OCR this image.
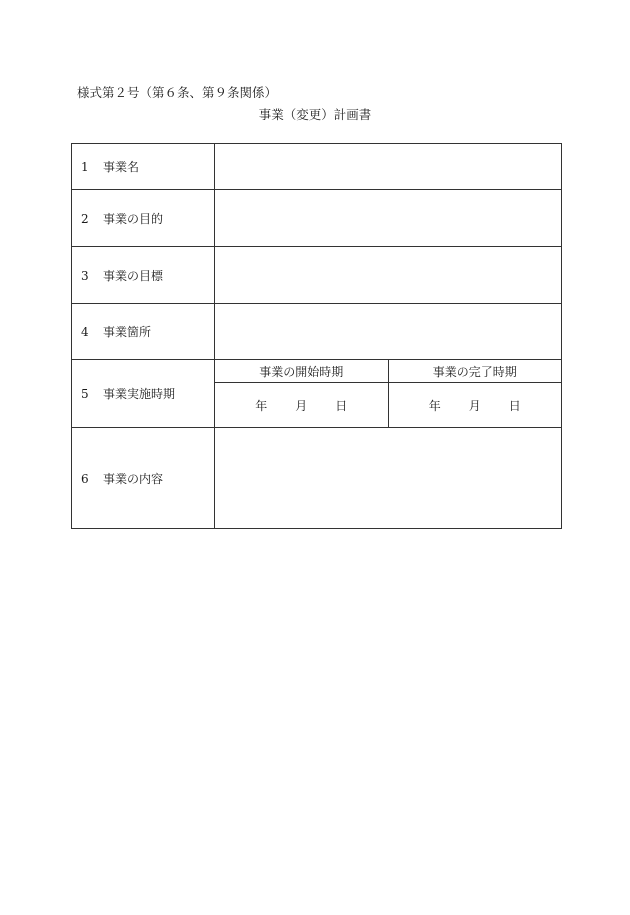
様式第２号（第６条、第９条関係）
事業（変更）計画書
1 事業名		
2 事業の目的		
3 事業の目標		
4 事業箇所		
5 事業実施時期	事業の開始時期	事業の完了時期
	年 月 日	年 月 日
6 事業の内容		
